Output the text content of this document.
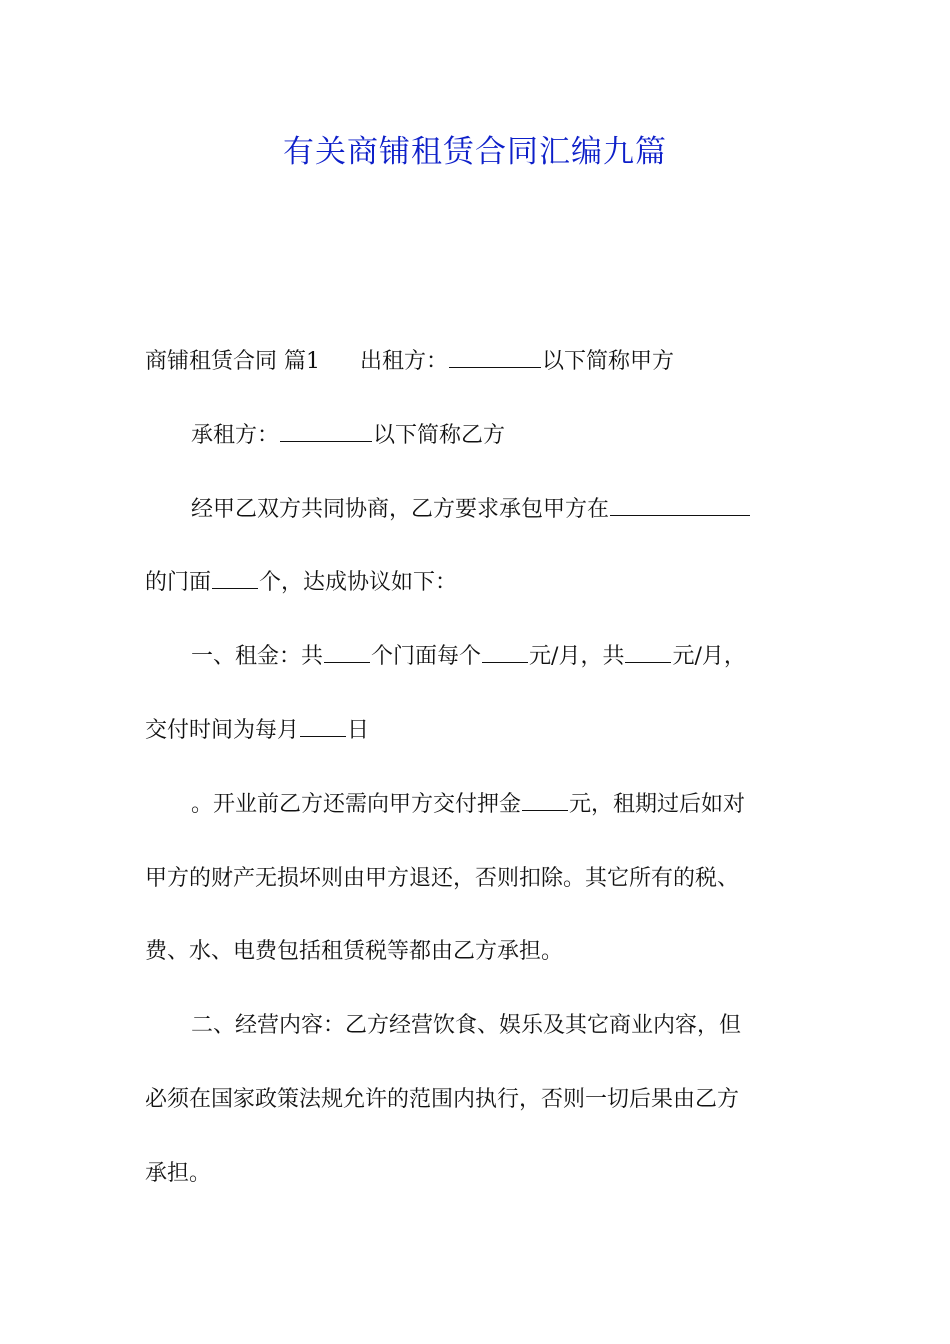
有关商铺租赁合同汇编九篇

商铺租赁合同 篇1 出租方：	以下简称甲方

承租方：	以下简称乙方

经甲乙双方共同协商，乙方要求承包甲方在

的门面 个，达成协议如下：

一、租金：共 个门面每个 元/月，共 元/月，

交付时间为每月 日

。开业前乙方还需向甲方交付押金 元，租期过后如对

甲方的财产无损坏则由甲方退还，否则扣除。其它所有的税、

费、水、电费包括租赁税等都由乙方承担。

二、经营内容：乙方经营饮食、娱乐及其它商业内容，但

必须在国家政策法规允许的范围内执行，否则一切后果由乙方

承担。
